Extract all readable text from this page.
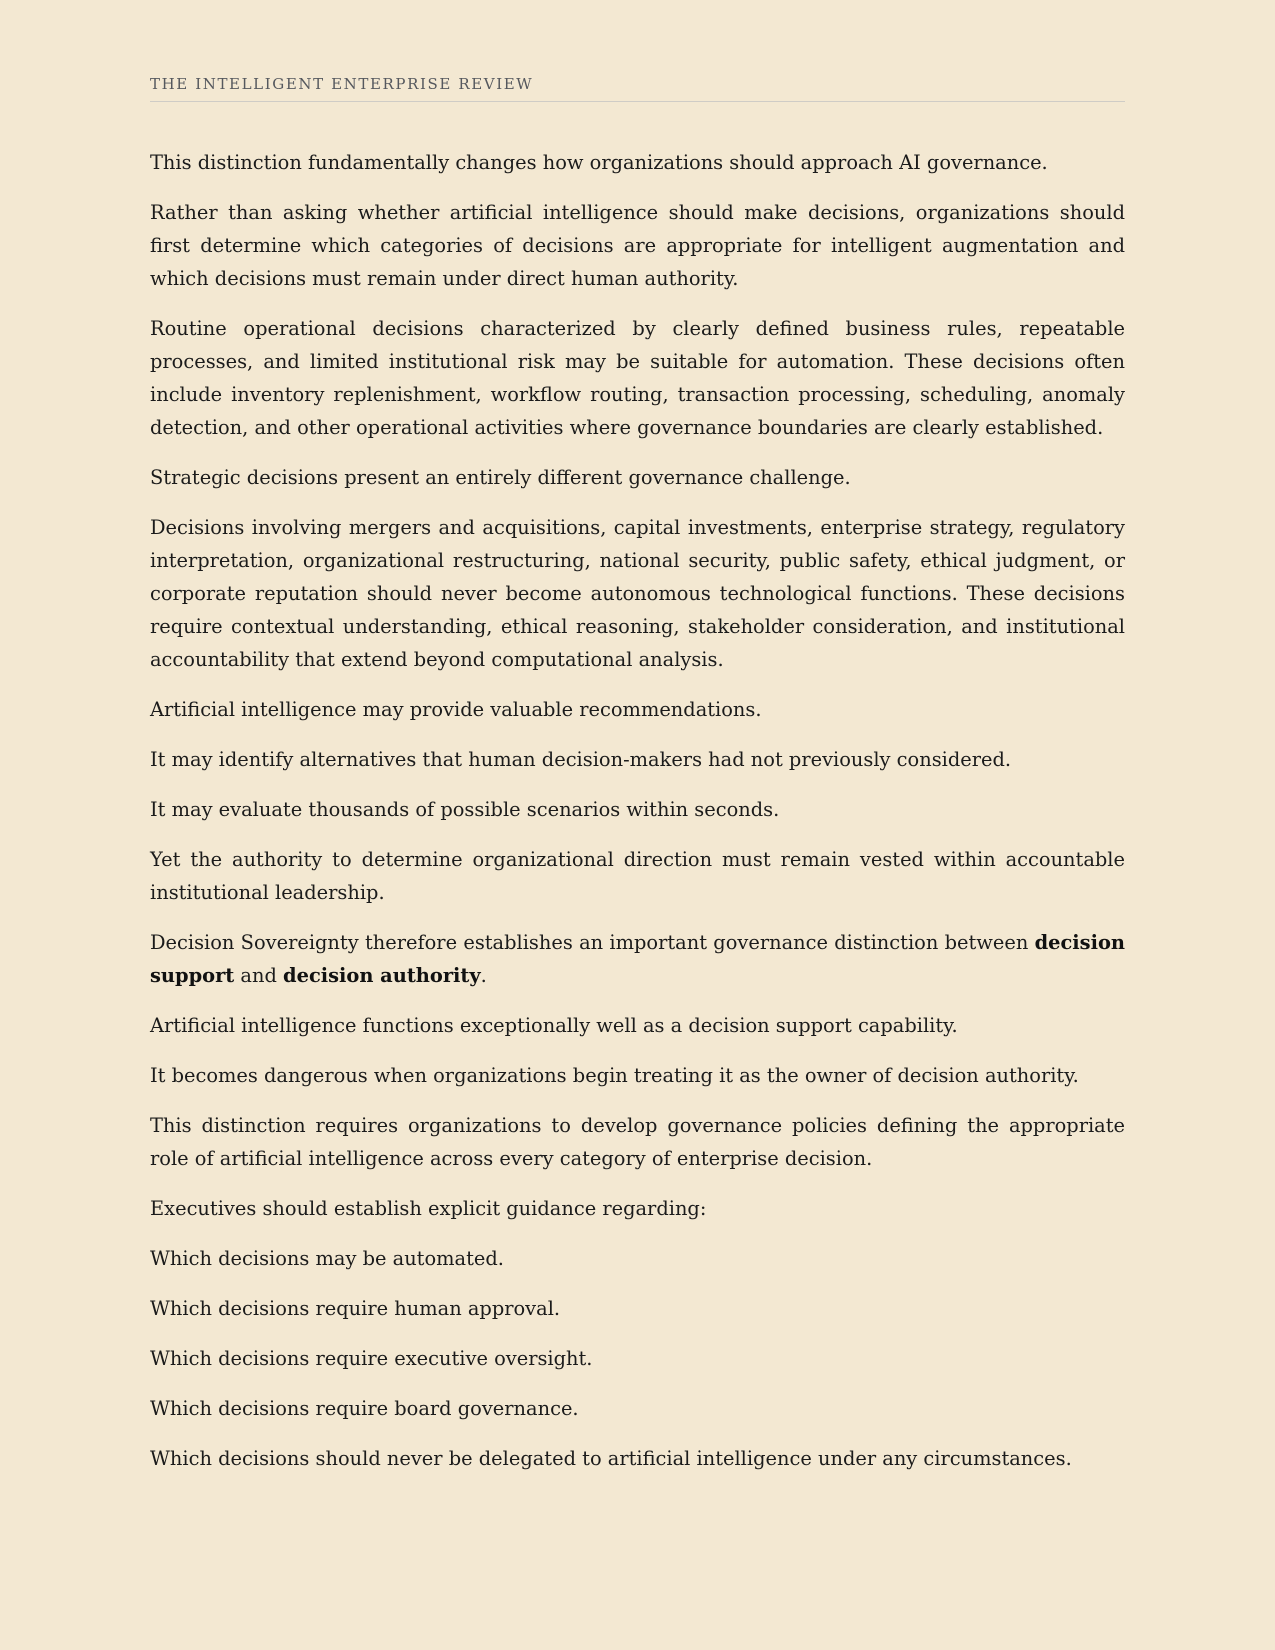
THE INTELLIGENT ENTERPRISE REVIEW

This distinction fundamentally changes how organizations should approach AI governance.

Rather than asking whether artificial intelligence should make decisions, organizations should first determine which categories of decisions are appropriate for intelligent augmentation and which decisions must remain under direct human authority.

Routine operational decisions characterized by clearly defined business rules, repeatable processes, and limited institutional risk may be suitable for automation. These decisions often include inventory replenishment, workflow routing, transaction processing, scheduling, anomaly detection, and other operational activities where governance boundaries are clearly established.

Strategic decisions present an entirely different governance challenge.

Decisions involving mergers and acquisitions, capital investments, enterprise strategy, regulatory interpretation, organizational restructuring, national security, public safety, ethical judgment, or corporate reputation should never become autonomous technological functions. These decisions require contextual understanding, ethical reasoning, stakeholder consideration, and institutional accountability that extend beyond computational analysis.

Artificial intelligence may provide valuable recommendations.

It may identify alternatives that human decision-makers had not previously considered.

It may evaluate thousands of possible scenarios within seconds.

Yet the authority to determine organizational direction must remain vested within accountable institutional leadership.

Decision Sovereignty therefore establishes an important governance distinction between decision support and decision authority.

Artificial intelligence functions exceptionally well as a decision support capability.

It becomes dangerous when organizations begin treating it as the owner of decision authority.

This distinction requires organizations to develop governance policies defining the appropriate role of artificial intelligence across every category of enterprise decision.

Executives should establish explicit guidance regarding:

Which decisions may be automated.

Which decisions require human approval.

Which decisions require executive oversight.

Which decisions require board governance.

Which decisions should never be delegated to artificial intelligence under any circumstances.
